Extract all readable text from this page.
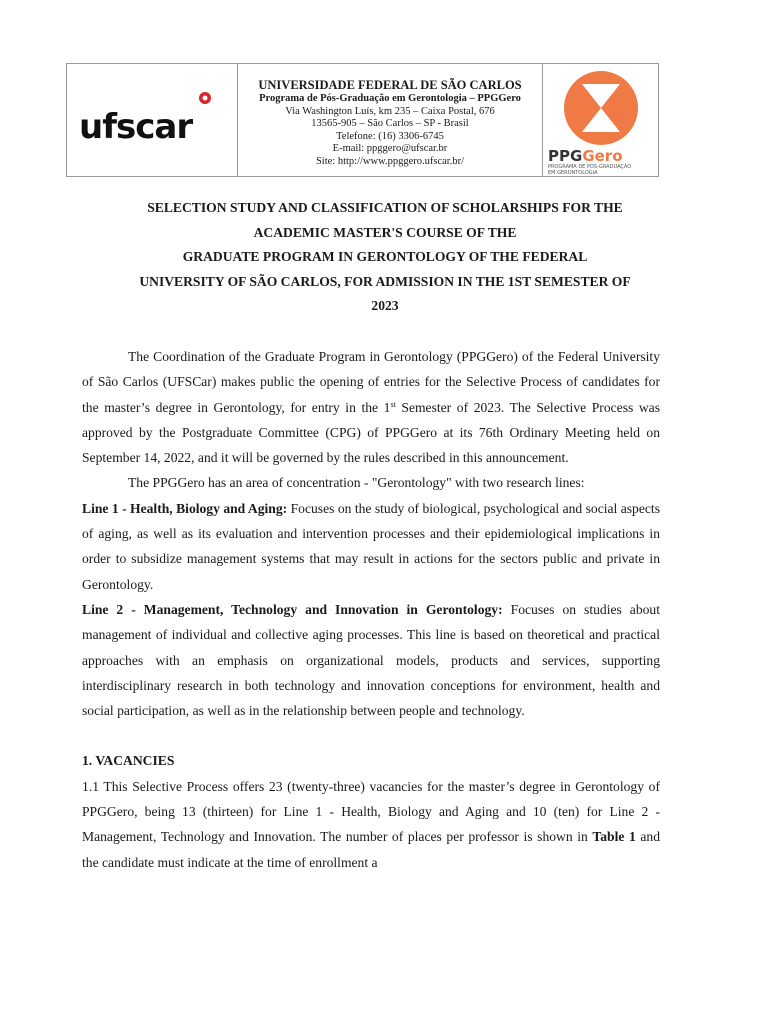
ufscar
UNIVERSIDADE FEDERAL DE SÃO CARLOS
Programa de Pós-Graduação em Gerontologia – PPGGero
Via Washington Luís, km 235 – Caixa Postal, 676
13565-905 – São Carlos – SP - Brasil
Telefone: (16) 3306-6745
E-mail: ppggero@ufscar.br
Site: http://www.ppggero.ufscar.br/	PPGGero
PROGRAMA DE PÓS-GRADUAÇÃO
EM GERONTOLOGIA
SELECTION STUDY AND CLASSIFICATION OF SCHOLARSHIPS FOR THE
ACADEMIC MASTER'S COURSE OF THE
GRADUATE PROGRAM IN GERONTOLOGY OF THE FEDERAL
UNIVERSITY OF SÃO CARLOS, FOR ADMISSION IN THE 1ST SEMESTER OF
2023

The Coordination of the Graduate Program in Gerontology (PPGGero) of the Federal University of São Carlos (UFSCar) makes public the opening of entries for the Selective Process of candidates for the master’s degree in Gerontology, for entry in the 1st Semester of 2023. The Selective Process was approved by the Postgraduate Committee (CPG) of PPGGero at its 76th Ordinary Meeting held on September 14, 2022, and it will be governed by the rules described in this announcement.

The PPGGero has an area of concentration - "Gerontology" with two research lines:

Line 1 - Health, Biology and Aging: Focuses on the study of biological, psychological and social aspects of aging, as well as its evaluation and intervention processes and their epidemiological implications in order to subsidize management systems that may result in actions for the sectors public and private in Gerontology.

Line 2 - Management, Technology and Innovation in Gerontology: Focuses on studies about management of individual and collective aging processes. This line is based on theoretical and practical approaches with an emphasis on organizational models, products and services, supporting interdisciplinary research in both technology and innovation conceptions for environment, health and social participation, as well as in the relationship between people and technology.

1. VACANCIES

1.1 This Selective Process offers 23 (twenty-three) vacancies for the master’s degree in Gerontology of PPGGero, being 13 (thirteen) for Line 1 - Health, Biology and Aging and 10 (ten) for Line 2 - Management, Technology and Innovation. The number of places per professor is shown in Table 1 and the candidate must indicate at the time of enrollment a
